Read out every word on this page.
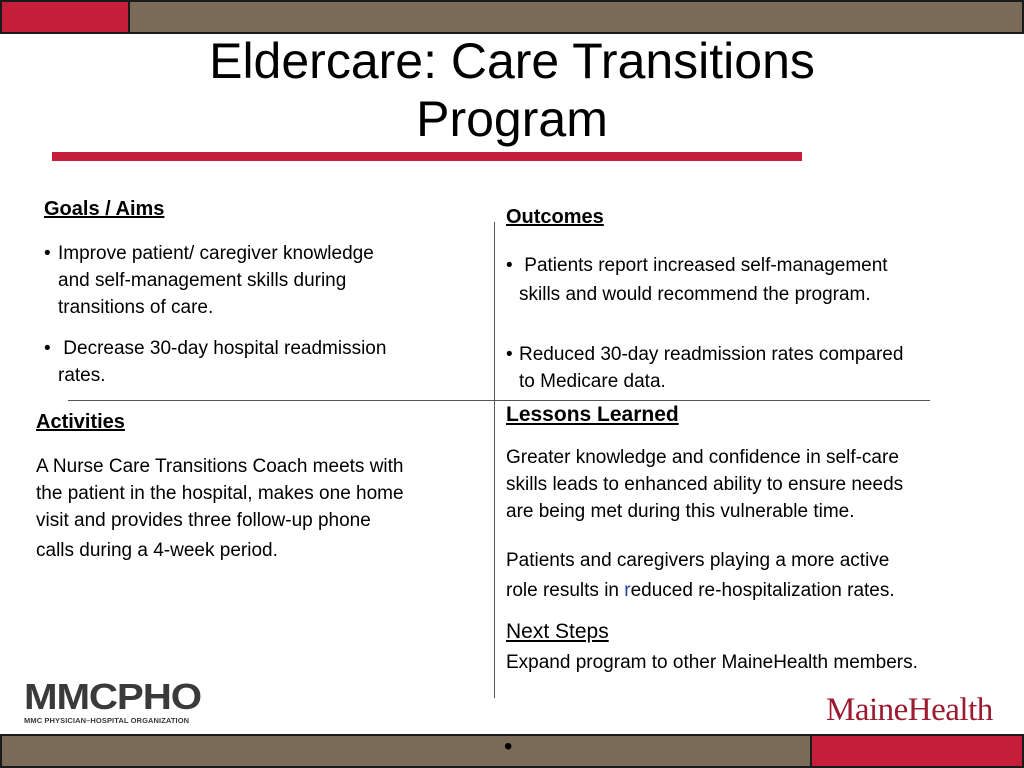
Eldercare: Care Transitions
Program
Goals / Aims
• Improve patient/ caregiver knowledge
and self-management skills during
transitions of care.
• Decrease 30-day hospital readmission
rates.
Outcomes
• Patients report increased self-management
skills and would recommend the program.
• Reduced 30-day readmission rates compared
to Medicare data.
Activities
A Nurse Care Transitions Coach meets with
the patient in the hospital, makes one home
visit and provides three follow-up phone
calls during a 4-week period.
Lessons Learned
Greater knowledge and confidence in self-care
skills leads to enhanced ability to ensure needs
are being met during this vulnerable time.
Patients and caregivers playing a more active
role results in reduced re-hospitalization rates.
Next Steps

Expand program to other MaineHealth members.

MMCPHO
MMC PHYSICIAN–HOSPITAL ORGANIZATION	MaineHealth
•
